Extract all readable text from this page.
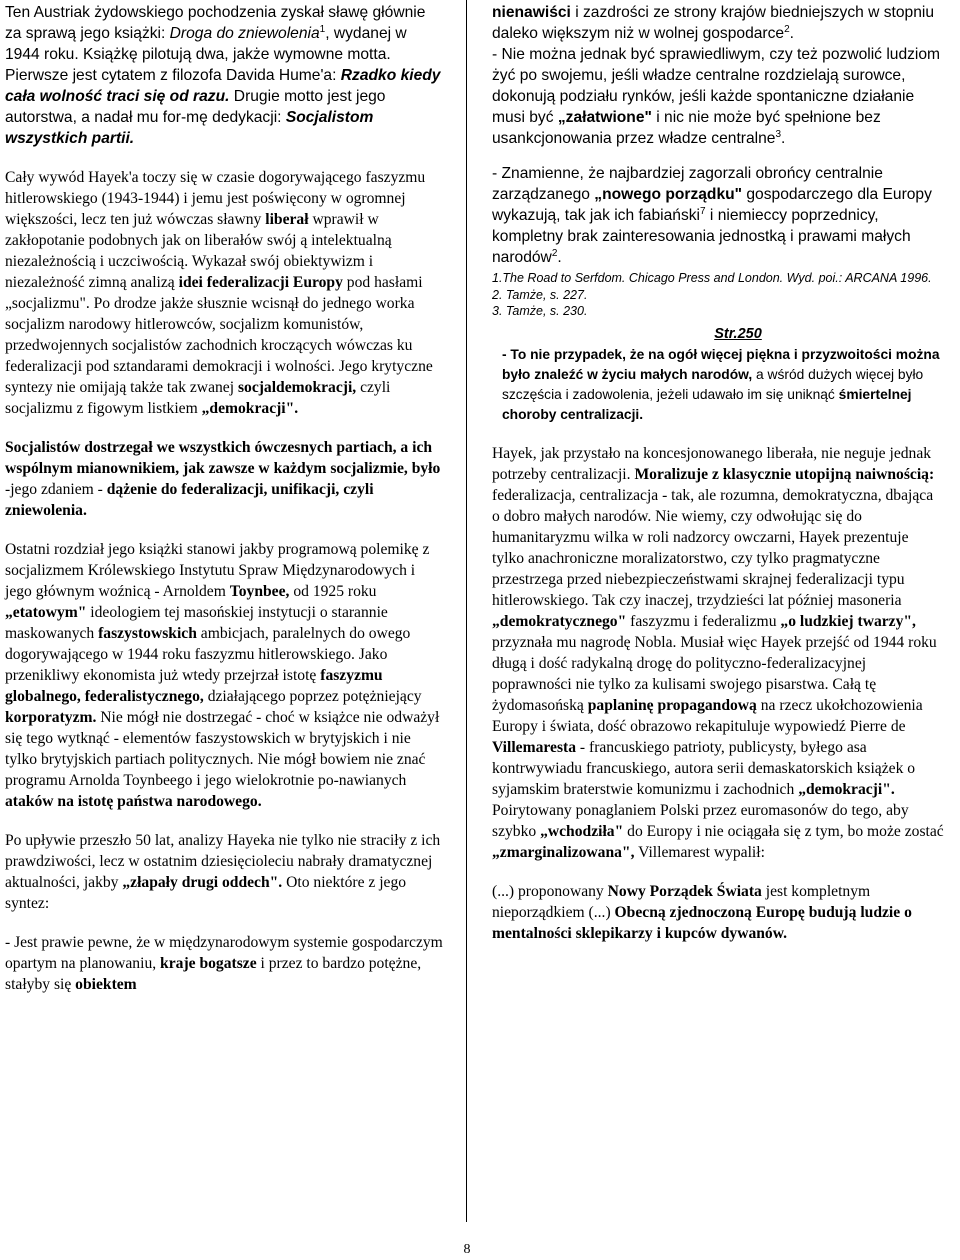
Ten Austriak żydowskiego pochodzenia zyskał sławę głównie za sprawą jego książki: Droga do zniewolenia$^1$, wydanej w 1944 roku. Książkę pilotują dwa, jakże wymowne motta. Pierwsze jest cytatem z filozofa Davida Hume'a: Rzadko kiedy cała wolność traci się od razu. Drugie motto jest jego autorstwa, a nadał mu for-mę dedykacji: Socjalistom wszystkich partii.

Cały wywód Hayek'a toczy się w czasie dogorywającego faszyzmu hitlerowskiego (1943-1944) i jemu jest poświęcony w ogromnej większości, lecz ten już wówczas sławny liberał wprawił w zakłopotanie podobnych jak on liberałów swój ą intelektualną niezależnością i uczciwością. Wykazał swój obiektywizm i niezależność zimną analizą idei federalizacji Europy pod hasłami „socjalizmu". Po drodze jakże słusznie wcisnął do jednego worka socjalizm narodowy hitlerowców, socjalizm komunistów, przedwojennych socjalistów zachodnich kroczących wówczas ku federalizacji pod sztandarami demokracji i wolności. Jego krytyczne syntezy nie omijają także tak zwanej socjaldemokracji, czyli socjalizmu z figowym listkiem „demokracji".

Socjalistów dostrzegał we wszystkich ówczesnych partiach, a ich wspólnym mianownikiem, jak zawsze w każdym socjalizmie, było -jego zdaniem - dążenie do federalizacji, unifikacji, czyli zniewolenia.

Ostatni rozdział jego książki stanowi jakby programową polemikę z socjalizmem Królewskiego Instytutu Spraw Międzynarodowych i jego głównym woźnicą - Arnoldem Toynbee, od 1925 roku „etatowym" ideologiem tej masońskiej instytucji o starannie maskowanych faszystowskich ambicjach, paralelnych do owego dogorywającego w 1944 roku faszyzmu hitlerowskiego. Jako przenikliwy ekonomista już wtedy przejrzał istotę faszyzmu globalnego, federalistycznego, działającego poprzez potężniejący korporatyzm. Nie mógł nie dostrzegać - choć w książce nie odważył się tego wytknąć - elementów faszystowskich w brytyjskich i nie tylko brytyjskich partiach politycznych. Nie mógł bowiem nie znać programu Arnolda Toynbeego i jego wielokrotnie po-nawianych ataków na istotę państwa narodowego.

Po upływie przeszło 50 lat, analizy Hayeka nie tylko nie straciły z ich prawdziwości, lecz w ostatnim dziesięcioleciu nabrały dramatycznej aktualności, jakby „złapały drugi oddech". Oto niektóre z jego syntez:

- Jest prawie pewne, że w międzynarodowym systemie gospodarczym opartym na planowaniu, kraje bogatsze i przez to bardzo potężne, stałyby się obiektem

nienawiści i zazdrości ze strony krajów biedniejszych w stopniu daleko większym niż w wolnej gospodarce$^2$.

- Nie można jednak być sprawiedliwym, czy też pozwolić ludziom żyć po swojemu, jeśli władze centralne rozdzielają surowce, dokonują podziału rynków, jeśli każde spontaniczne działanie musi być „załatwione" i nic nie może być spełnione bez usankcjonowania przez władze centralne$^3$.

- Znamienne, że najbardziej zagorzali obrońcy centralnie zarządzanego „nowego porządku" gospodarczego dla Europy wykazują, tak jak ich fabiański$^7$ i niemieccy poprzednicy, kompletny brak zainteresowania jednostką i prawami małych narodów$^2$.

1.The Road to Serfdom. Chicago Press and London. Wyd. poi.: ARCANA 1996.
2. Tamże, s. 227.
3. Tamże, s. 230.
Str.250

- To nie przypadek, że na ogół więcej piękna i przyzwoitości można było znaleźć w życiu małych narodów, a wśród dużych więcej było szczęścia i zadowolenia, jeżeli udawało im się uniknąć śmiertelnej choroby centralizacji.

Hayek, jak przystało na koncesjonowanego liberała, nie neguje jednak potrzeby centralizacji. Moralizuje z klasycznie utopijną naiwnością: federalizacja, centralizacja - tak, ale rozumna, demokratyczna, dbająca o dobro małych narodów. Nie wiemy, czy odwołując się do humanitaryzmu wilka w roli nadzorcy owczarni, Hayek prezentuje tylko anachroniczne moralizatorstwo, czy tylko pragmatyczne przestrzega przed niebezpieczeństwami skrajnej federalizacji typu hitlerowskiego. Tak czy inaczej, trzydzieści lat później masoneria „demokratycznego" faszyzmu i federalizmu „o ludzkiej twarzy", przyznała mu nagrodę Nobla. Musiał więc Hayek przejść od 1944 roku długą i dość radykalną drogę do polityczno-federalizacyjnej poprawności nie tylko za kulisami swojego pisarstwa. Całą tę żydomasońską paplaninę propagandową na rzecz ukołchozowienia Europy i świata, dość obrazowo rekapituluje wypowiedź Pierre de Villemaresta - francuskiego patrioty, publicysty, byłego asa kontrwywiadu francuskiego, autora serii demaskatorskich książek o syjamskim braterstwie komunizmu i zachodnich „demokracji". Poirytowany ponaglaniem Polski przez euromasonów do tego, aby szybko „wchodziła" do Europy i nie ociągała się z tym, bo może zostać „zmarginalizowana", Villemarest wypalił:

(...) proponowany Nowy Porządek Świata jest kompletnym nieporządkiem (...) Obecną zjednoczoną Europę budują ludzie o mentalności sklepikarzy i kupców dywanów.

8
